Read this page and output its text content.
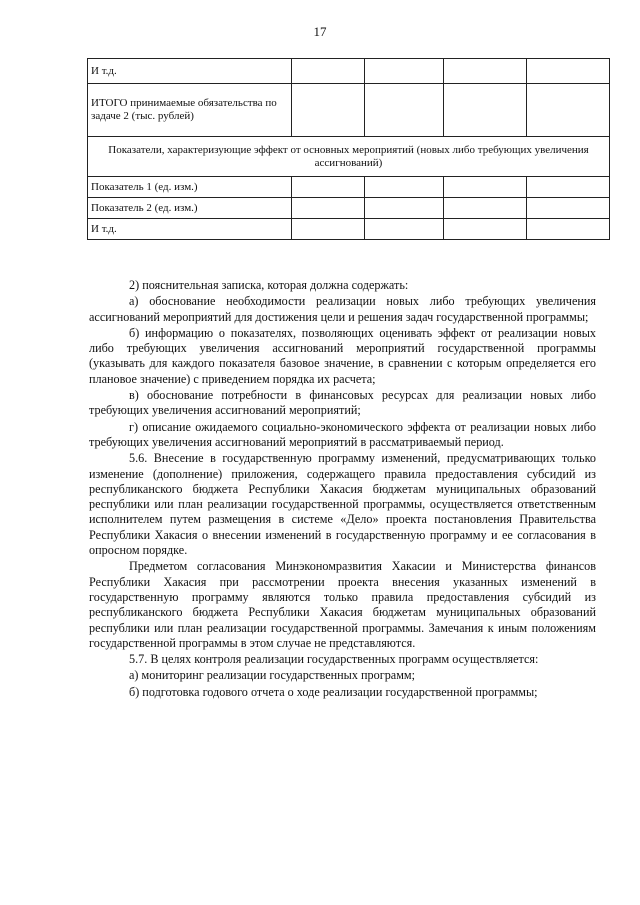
17
И т.д.				
ИТОГО принимаемые обязательства по задаче 2 (тыс. рублей)				
Показатели, характеризующие эффект от основных мероприятий (новых либо требующих увеличения ассигнований)				
Показатель 1 (ед. изм.)				
Показатель 2 (ед. изм.)				
И т.д.				

2) пояснительная записка, которая должна содержать:

а) обоснование необходимости реализации новых либо требующих увеличения ассигнований мероприятий для достижения цели и решения задач государственной программы;

б) информацию о показателях, позволяющих оценивать эффект от реализации новых либо требующих увеличения ассигнований мероприятий государственной программы (указывать для каждого показателя базовое значение, в сравнении с которым определяется его плановое значение) с приведением порядка их расчета;

в) обоснование потребности в финансовых ресурсах для реализации новых либо требующих увеличения ассигнований мероприятий;

г) описание ожидаемого социально-экономического эффекта от реализации новых либо требующих увеличения ассигнований мероприятий в рассматриваемый период.

5.6. Внесение в государственную программу изменений, предусматривающих только изменение (дополнение) приложения, содержащего правила предоставления субсидий из республиканского бюджета Республики Хакасия бюджетам муниципальных образований республики или план реализации государственной программы, осуществляется ответственным исполнителем путем размещения в системе «Дело» проекта постановления Правительства Республики Хакасия о внесении изменений в государственную программу и ее согласования в опросном порядке.

Предметом согласования Минэкономразвития Хакасии и Министерства финансов Республики Хакасия при рассмотрении проекта внесения указанных изменений в государственную программу являются только правила предоставления субсидий из республиканского бюджета Республики Хакасия бюджетам муниципальных образований республики или план реализации государственной программы. Замечания к иным положениям государственной программы в этом случае не представляются.

5.7. В целях контроля реализации государственных программ осуществляется:

а) мониторинг реализации государственных программ;

б) подготовка годового отчета о ходе реализации государственной программы;
